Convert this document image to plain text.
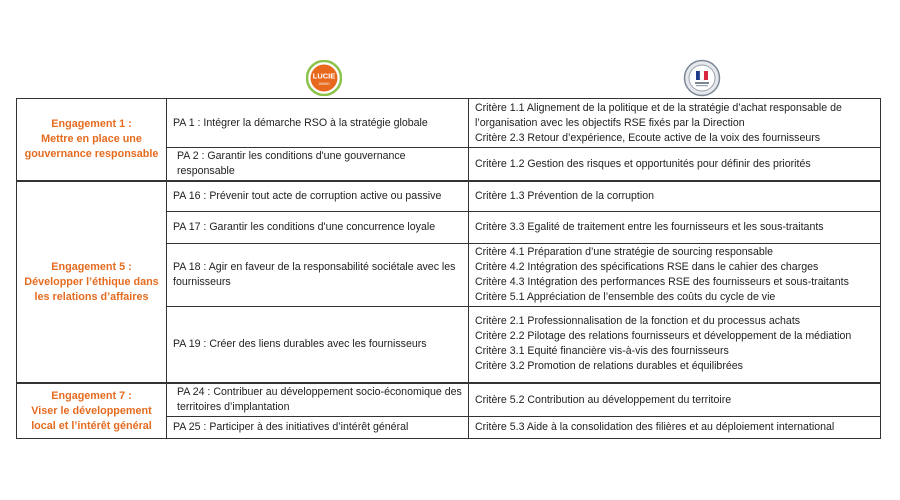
LUCIE
26000
Engagement 1 :
Mettre en place une gouvernance responsable	PA 1 : Intégrer la démarche RSO à la stratégie globale	Critère 1.1 Alignement de la politique et de la stratégie d’achat responsable de l’organisation avec les objectifs RSE fixés par la Direction
Critère 2.3 Retour d’expérience, Ecoute active de la voix des fournisseurs

	PA 2 : Garantir les conditions d'une gouvernance responsable	Critère 1.2 Gestion des risques et opportunités pour définir des priorités

Engagement 5 :
Développer l’éthique dans les relations d’affaires	PA 16 : Prévenir tout acte de corruption active ou passive	Critère 1.3 Prévention de la corruption

	PA 17 : Garantir les conditions d'une concurrence loyale	Critère 3.3 Egalité de traitement entre les fournisseurs et les sous-traitants

	PA 18 : Agir en faveur de la responsabilité sociétale avec les fournisseurs	Critère 4.1 Préparation d’une stratégie de sourcing responsable
Critère 4.2 Intégration des spécifications RSE dans le cahier des charges
Critère 4.3 Intégration des performances RSE des fournisseurs et sous-traitants
Critère 5.1 Appréciation de l’ensemble des coûts du cycle de vie

	PA 19 : Créer des liens durables avec les fournisseurs	Critère 2.1 Professionnalisation de la fonction et du processus achats
Critère 2.2 Pilotage des relations fournisseurs et développement de la médiation
Critère 3.1 Equité financière vis-à-vis des fournisseurs
Critère 3.2 Promotion de relations durables et équilibrées

Engagement 7 :
Viser le développement local et l’intérêt général	PA 24 : Contribuer au développement socio-économique des territoires d’implantation	Critère 5.2 Contribution au développement du territoire

	PA 25 : Participer à des initiatives d’intérêt général	Critère 5.3 Aide à la consolidation des filières et au déploiement international
